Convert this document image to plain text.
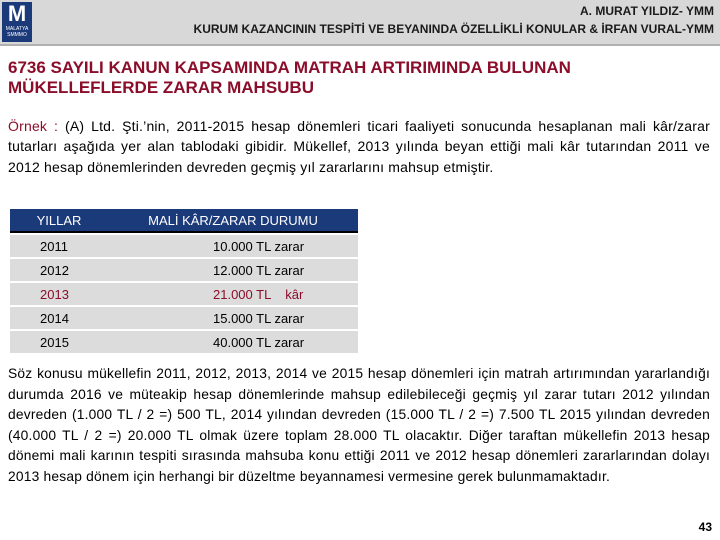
M
MALATYA SMMMO
A. MURAT YILDIZ- YMM
KURUM KAZANCININ TESPİTİ VE BEYANINDA ÖZELLİKLİ KONULAR & İRFAN VURAL-YMM
6736 SAYILI KANUN KAPSAMINDA MATRAH ARTIRIMINDA BULUNAN
MÜKELLEFLERDE ZARAR MAHSUBU
Örnek : (A) Ltd. Şti.’nin, 2011-2015 hesap dönemleri ticari faaliyeti sonucunda hesaplanan mali kâr/zarar tutarları aşağıda yer alan tablodaki gibidir. Mükellef, 2013 yılında beyan ettiği mali kâr tutarından 2011 ve 2012 hesap dönemlerinden devreden geçmiş yıl zararlarını mahsup etmiştir.
YILLAR	MALİ KÂR/ZARAR DURUMU
2011	10.000 TL zarar
2012	12.000 TL zarar
2013	21.000 TL    kâr
2014	15.000 TL zarar
2015	40.000 TL zarar
Söz konusu mükellefin 2011, 2012, 2013, 2014 ve 2015 hesap dönemleri için matrah artırımından yararlandığı durumda 2016 ve müteakip hesap dönemlerinde mahsup edilebileceği geçmiş yıl zarar tutarı 2012 yılından devreden (1.000 TL / 2 =) 500 TL, 2014 yılından devreden (15.000 TL / 2 =) 7.500 TL 2015 yılından devreden (40.000 TL / 2 =) 20.000 TL olmak üzere toplam 28.000 TL olacaktır. Diğer taraftan mükellefin 2013 hesap dönemi mali karının tespiti sırasında mahsuba konu ettiği 2011 ve 2012 hesap dönemleri zararlarından dolayı 2013 hesap dönem için herhangi bir düzeltme beyannamesi vermesine gerek bulunmamaktadır.
43
